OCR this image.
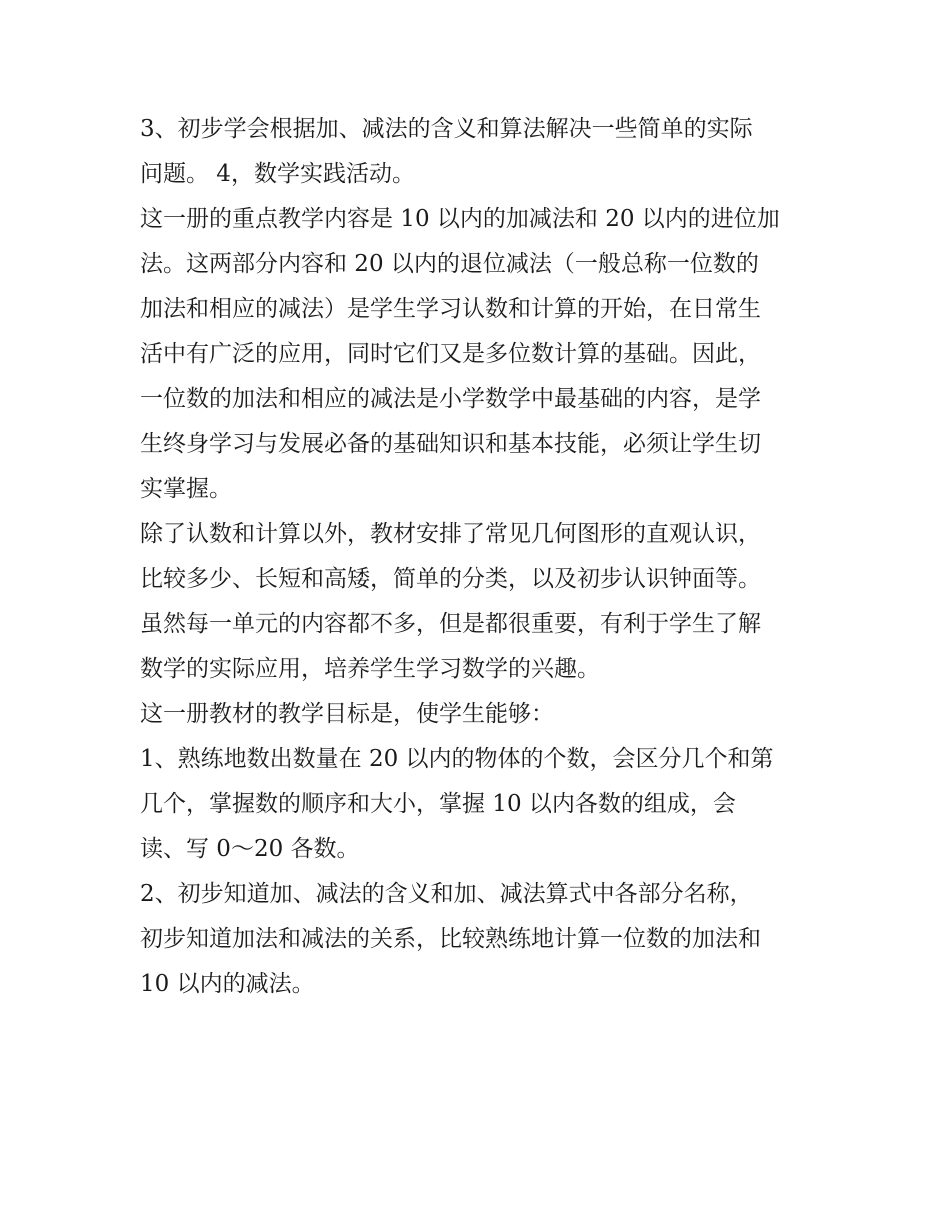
3、初步学会根据加、减法的含义和算法解决一些简单的实际
问题。 4，数学实践活动。
这一册的重点教学内容是 10 以内的加减法和 20 以内的进位加
法。这两部分内容和 20 以内的退位减法（一般总称一位数的
加法和相应的减法）是学生学习认数和计算的开始，在日常生
活中有广泛的应用，同时它们又是多位数计算的基础。因此，
一位数的加法和相应的减法是小学数学中最基础的内容，是学
生终身学习与发展必备的基础知识和基本技能，必须让学生切
实掌握。
除了认数和计算以外，教材安排了常见几何图形的直观认识，
比较多少、长短和高矮，简单的分类，以及初步认识钟面等。
虽然每一单元的内容都不多，但是都很重要，有利于学生了解
数学的实际应用，培养学生学习数学的兴趣。
这一册教材的教学目标是，使学生能够：
1、熟练地数出数量在 20 以内的物体的个数，会区分几个和第
几个，掌握数的顺序和大小，掌握 10 以内各数的组成，会
读、写 0～20 各数。
2、初步知道加、减法的含义和加、减法算式中各部分名称，
初步知道加法和减法的关系，比较熟练地计算一位数的加法和
10 以内的减法。
